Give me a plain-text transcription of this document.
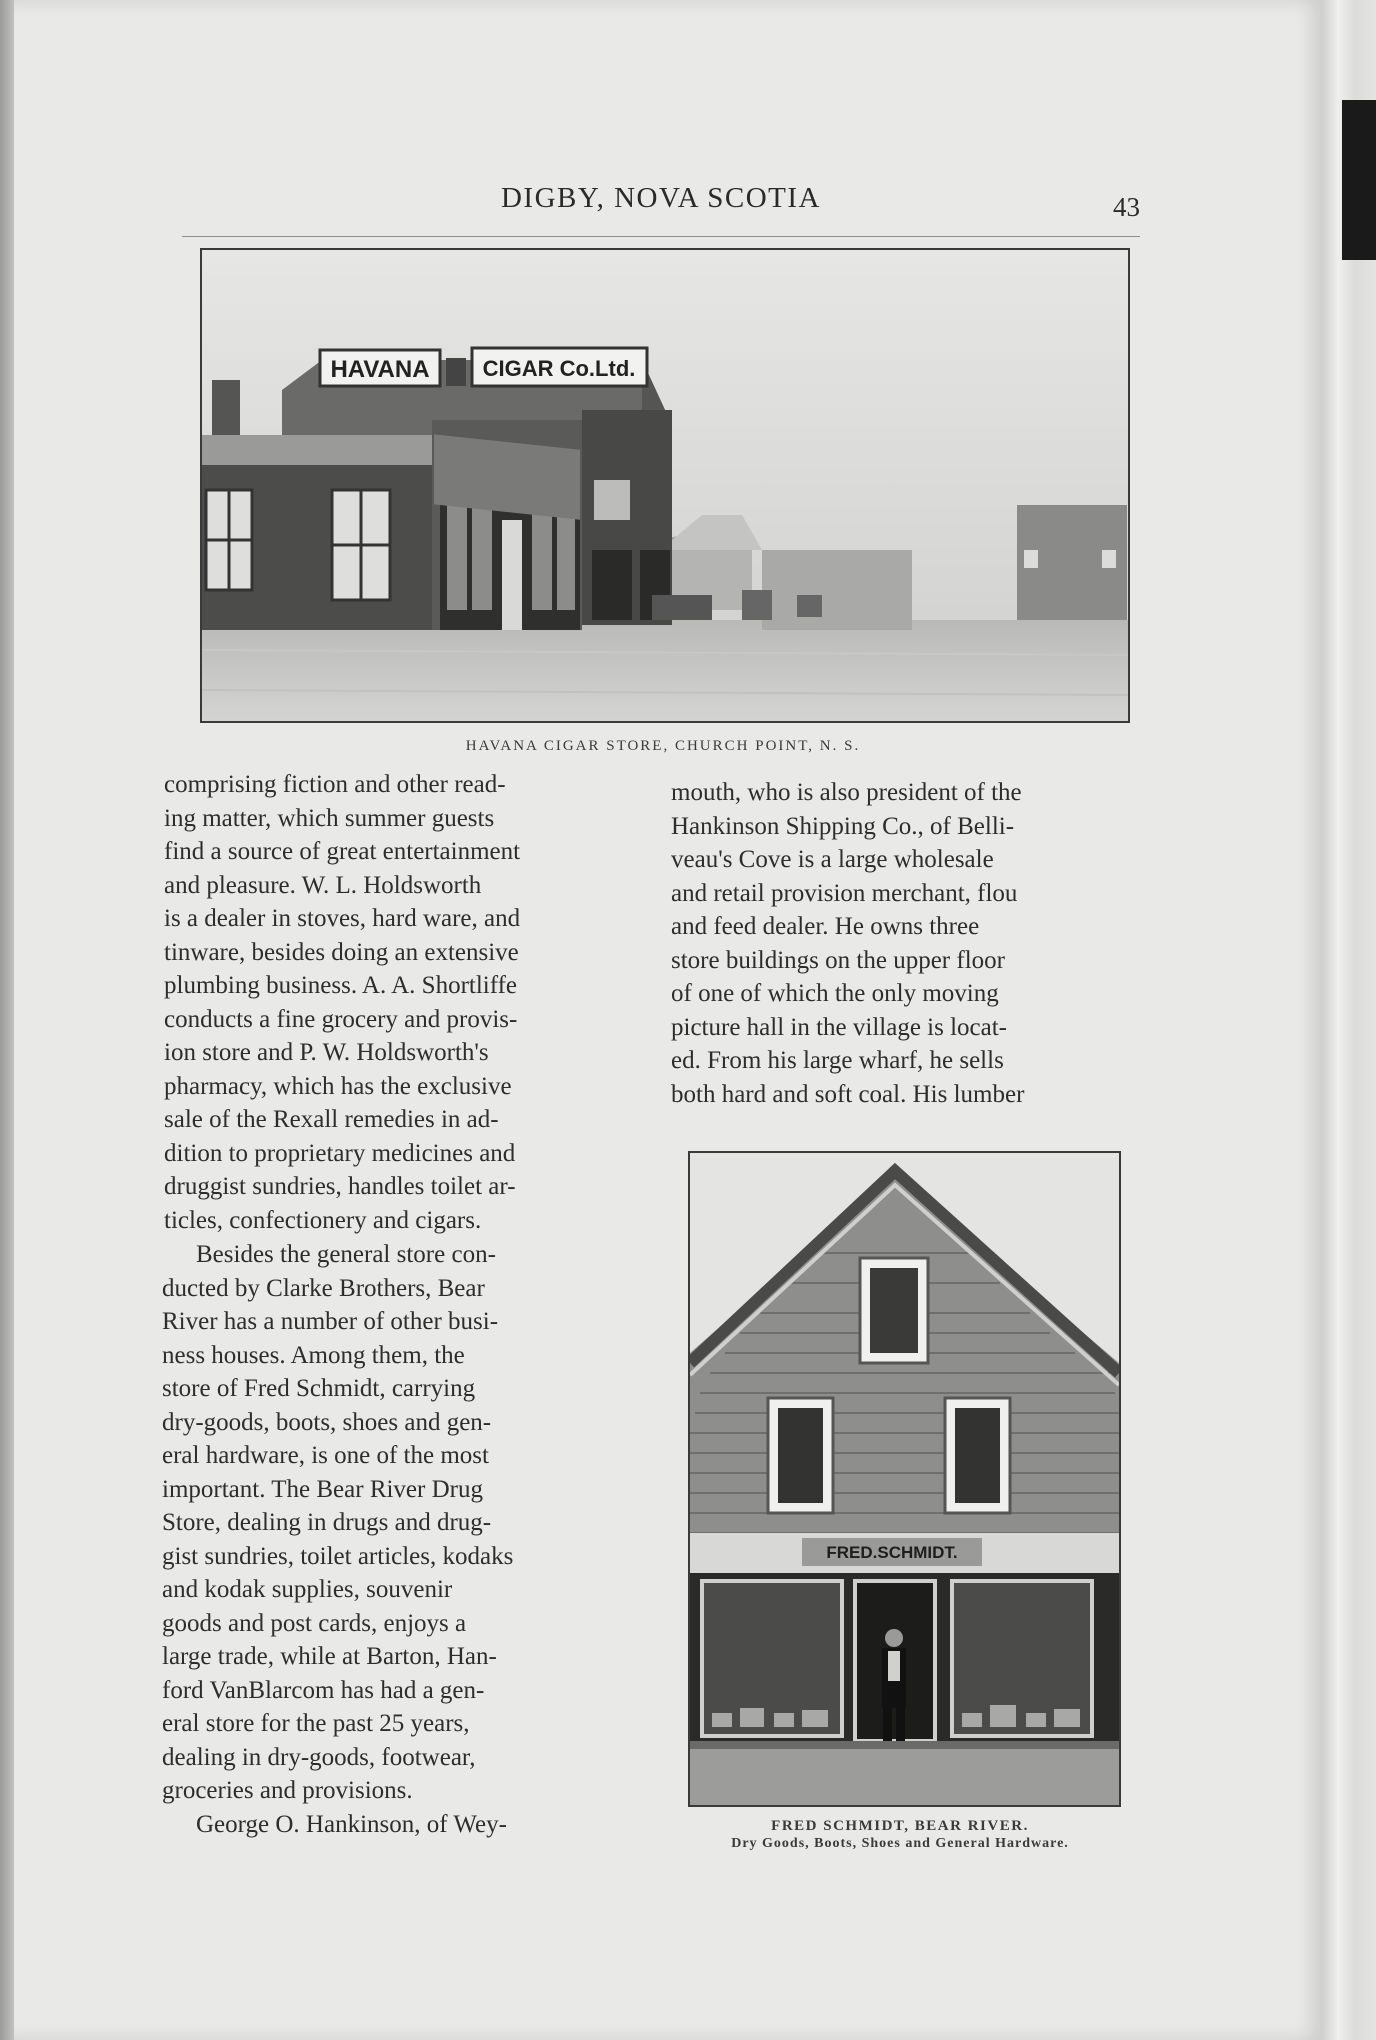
DIGBY, NOVA SCOTIA	43
HAVANA CIGAR Co.Ltd.
HAVANA CIGAR STORE, CHURCH POINT, N. S.

comprising fiction and other read-

ing matter, which summer guests

find a source of great entertainment

and pleasure. W. L. Holdsworth

is a dealer in stoves, hard ware, and

tinware, besides doing an extensive

plumbing business. A. A. Shortliffe

conducts a fine grocery and provis-

ion store and P. W. Holdsworth's

pharmacy, which has the exclusive

sale of the Rexall remedies in ad-

dition to proprietary medicines and

druggist sundries, handles toilet ar-

ticles, confectionery and cigars.

Besides the general store con-

ducted by Clarke Brothers, Bear

River has a number of other busi-

ness houses. Among them, the

store of Fred Schmidt, carrying

dry-goods, boots, shoes and gen-

eral hardware, is one of the most

important. The Bear River Drug

Store, dealing in drugs and drug-

gist sundries, toilet articles, kodaks

and kodak supplies, souvenir

goods and post cards, enjoys a

large trade, while at Barton, Han-

ford VanBlarcom has had a gen-

eral store for the past 25 years,

dealing in dry-goods, footwear,

groceries and provisions.

George O. Hankinson, of Wey-

mouth, who is also president of the

Hankinson Shipping Co., of Belli-

veau's Cove is a large wholesale

and retail provision merchant, flou

and feed dealer. He owns three

store buildings on the upper floor

of one of which the only moving

picture hall in the village is locat-

ed. From his large wharf, he sells

both hard and soft coal. His lumber

FRED.SCHMIDT.
FRED SCHMIDT, BEAR RIVER.
Dry Goods, Boots, Shoes and General Hardware.
